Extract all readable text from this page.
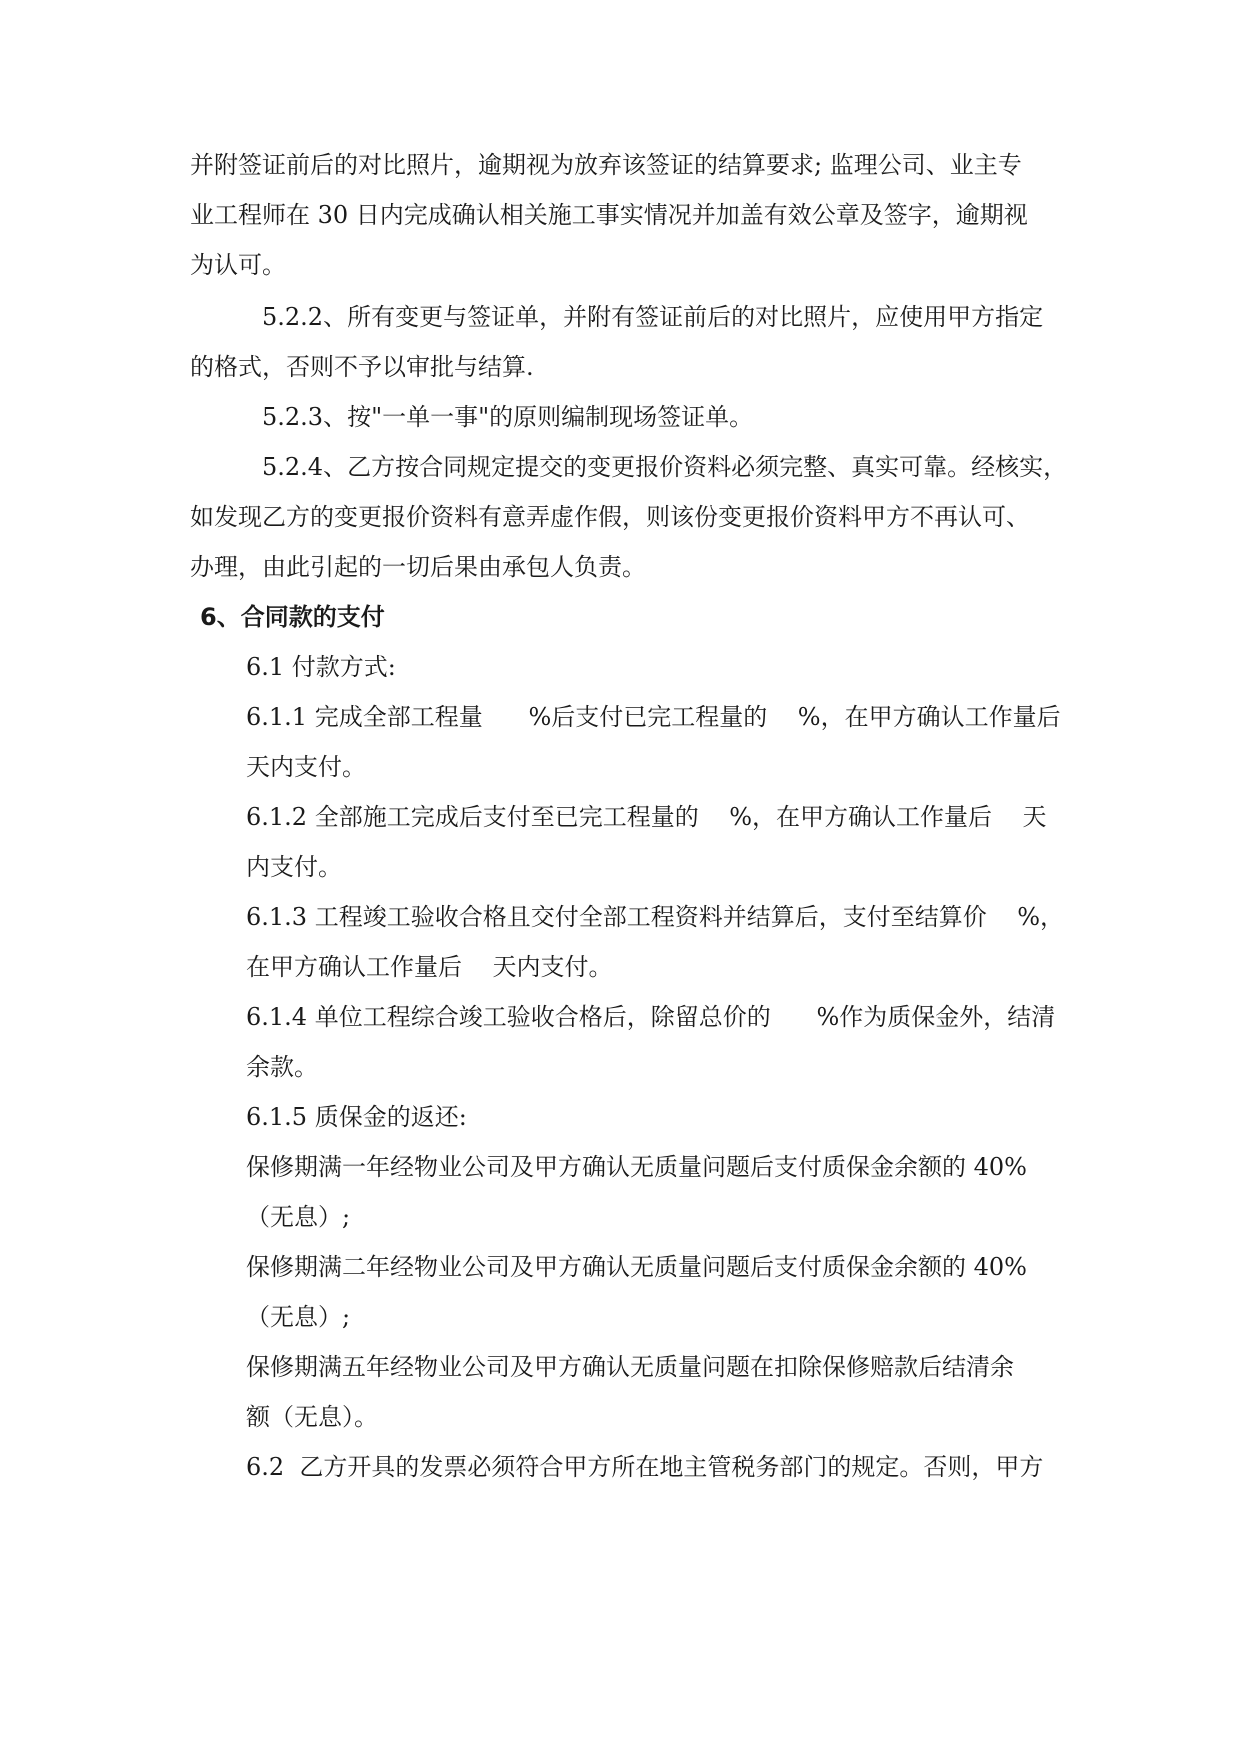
并附签证前后的对比照片，逾期视为放弃该签证的结算要求; 监理公司、业主专
业工程师在 30 日内完成确认相关施工事实情况并加盖有效公章及签字，逾期视
为认可。
5.2.2、所有变更与签证单，并附有签证前后的对比照片，应使用甲方指定
的格式，否则不予以审批与结算.
5.2.3、按"一单一事"的原则编制现场签证单。
5.2.4、乙方按合同规定提交的变更报价资料必须完整、真实可靠。经核实，
如发现乙方的变更报价资料有意弄虚作假，则该份变更报价资料甲方不再认可、
办理，由此引起的一切后果由承包人负责。
6、合同款的支付
6.1 付款方式:
6.1.1 完成全部工程量      %后支付已完工程量的    %，在甲方确认工作量后
天内支付。
6.1.2 全部施工完成后支付至已完工程量的    %，在甲方确认工作量后    天
内支付。
6.1.3 工程竣工验收合格且交付全部工程资料并结算后，支付至结算价    %，
在甲方确认工作量后    天内支付。
6.1.4 单位工程综合竣工验收合格后，除留总价的      %作为质保金外，结清
余款。
6.1.5 质保金的返还:
保修期满一年经物业公司及甲方确认无质量问题后支付质保金余额的 40%
（无息）;
保修期满二年经物业公司及甲方确认无质量问题后支付质保金余额的 40%
（无息）;
保修期满五年经物业公司及甲方确认无质量问题在扣除保修赔款后结清余
额（无息）。
6.2  乙方开具的发票必须符合甲方所在地主管税务部门的规定。否则，甲方
